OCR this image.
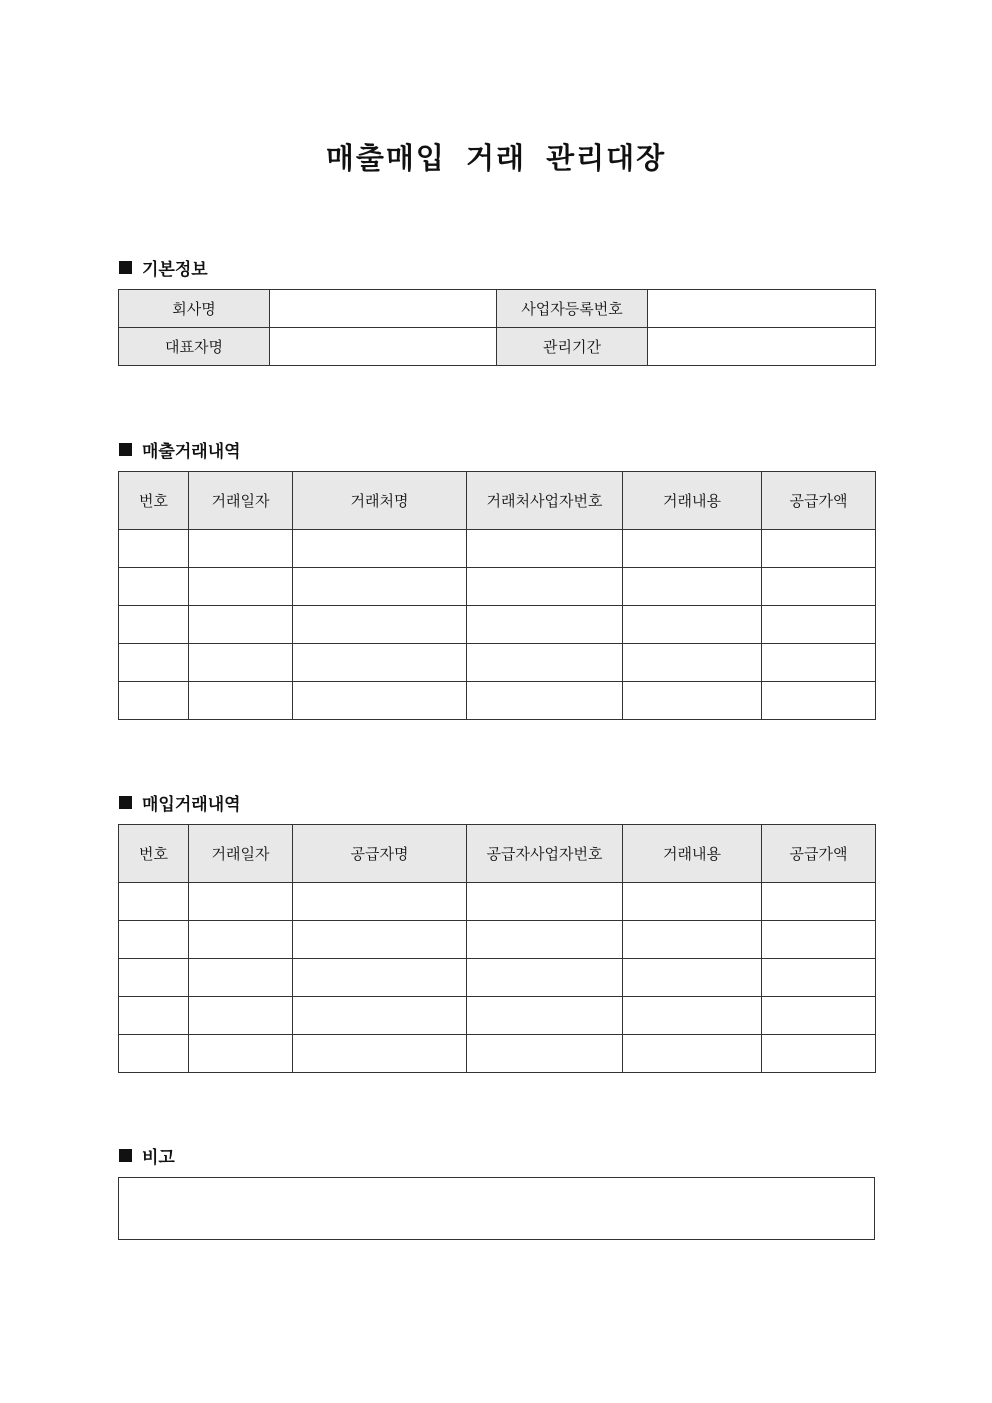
매출매입 거래 관리대장
기본정보
회사명		사업자등록번호	
대표자명		관리기간	
매출거래내역
번호	거래일자	거래처명	거래처사업자번호	거래내용	공급가액

매입거래내역
번호	거래일자	공급자명	공급자사업자번호	거래내용	공급가액

비고
